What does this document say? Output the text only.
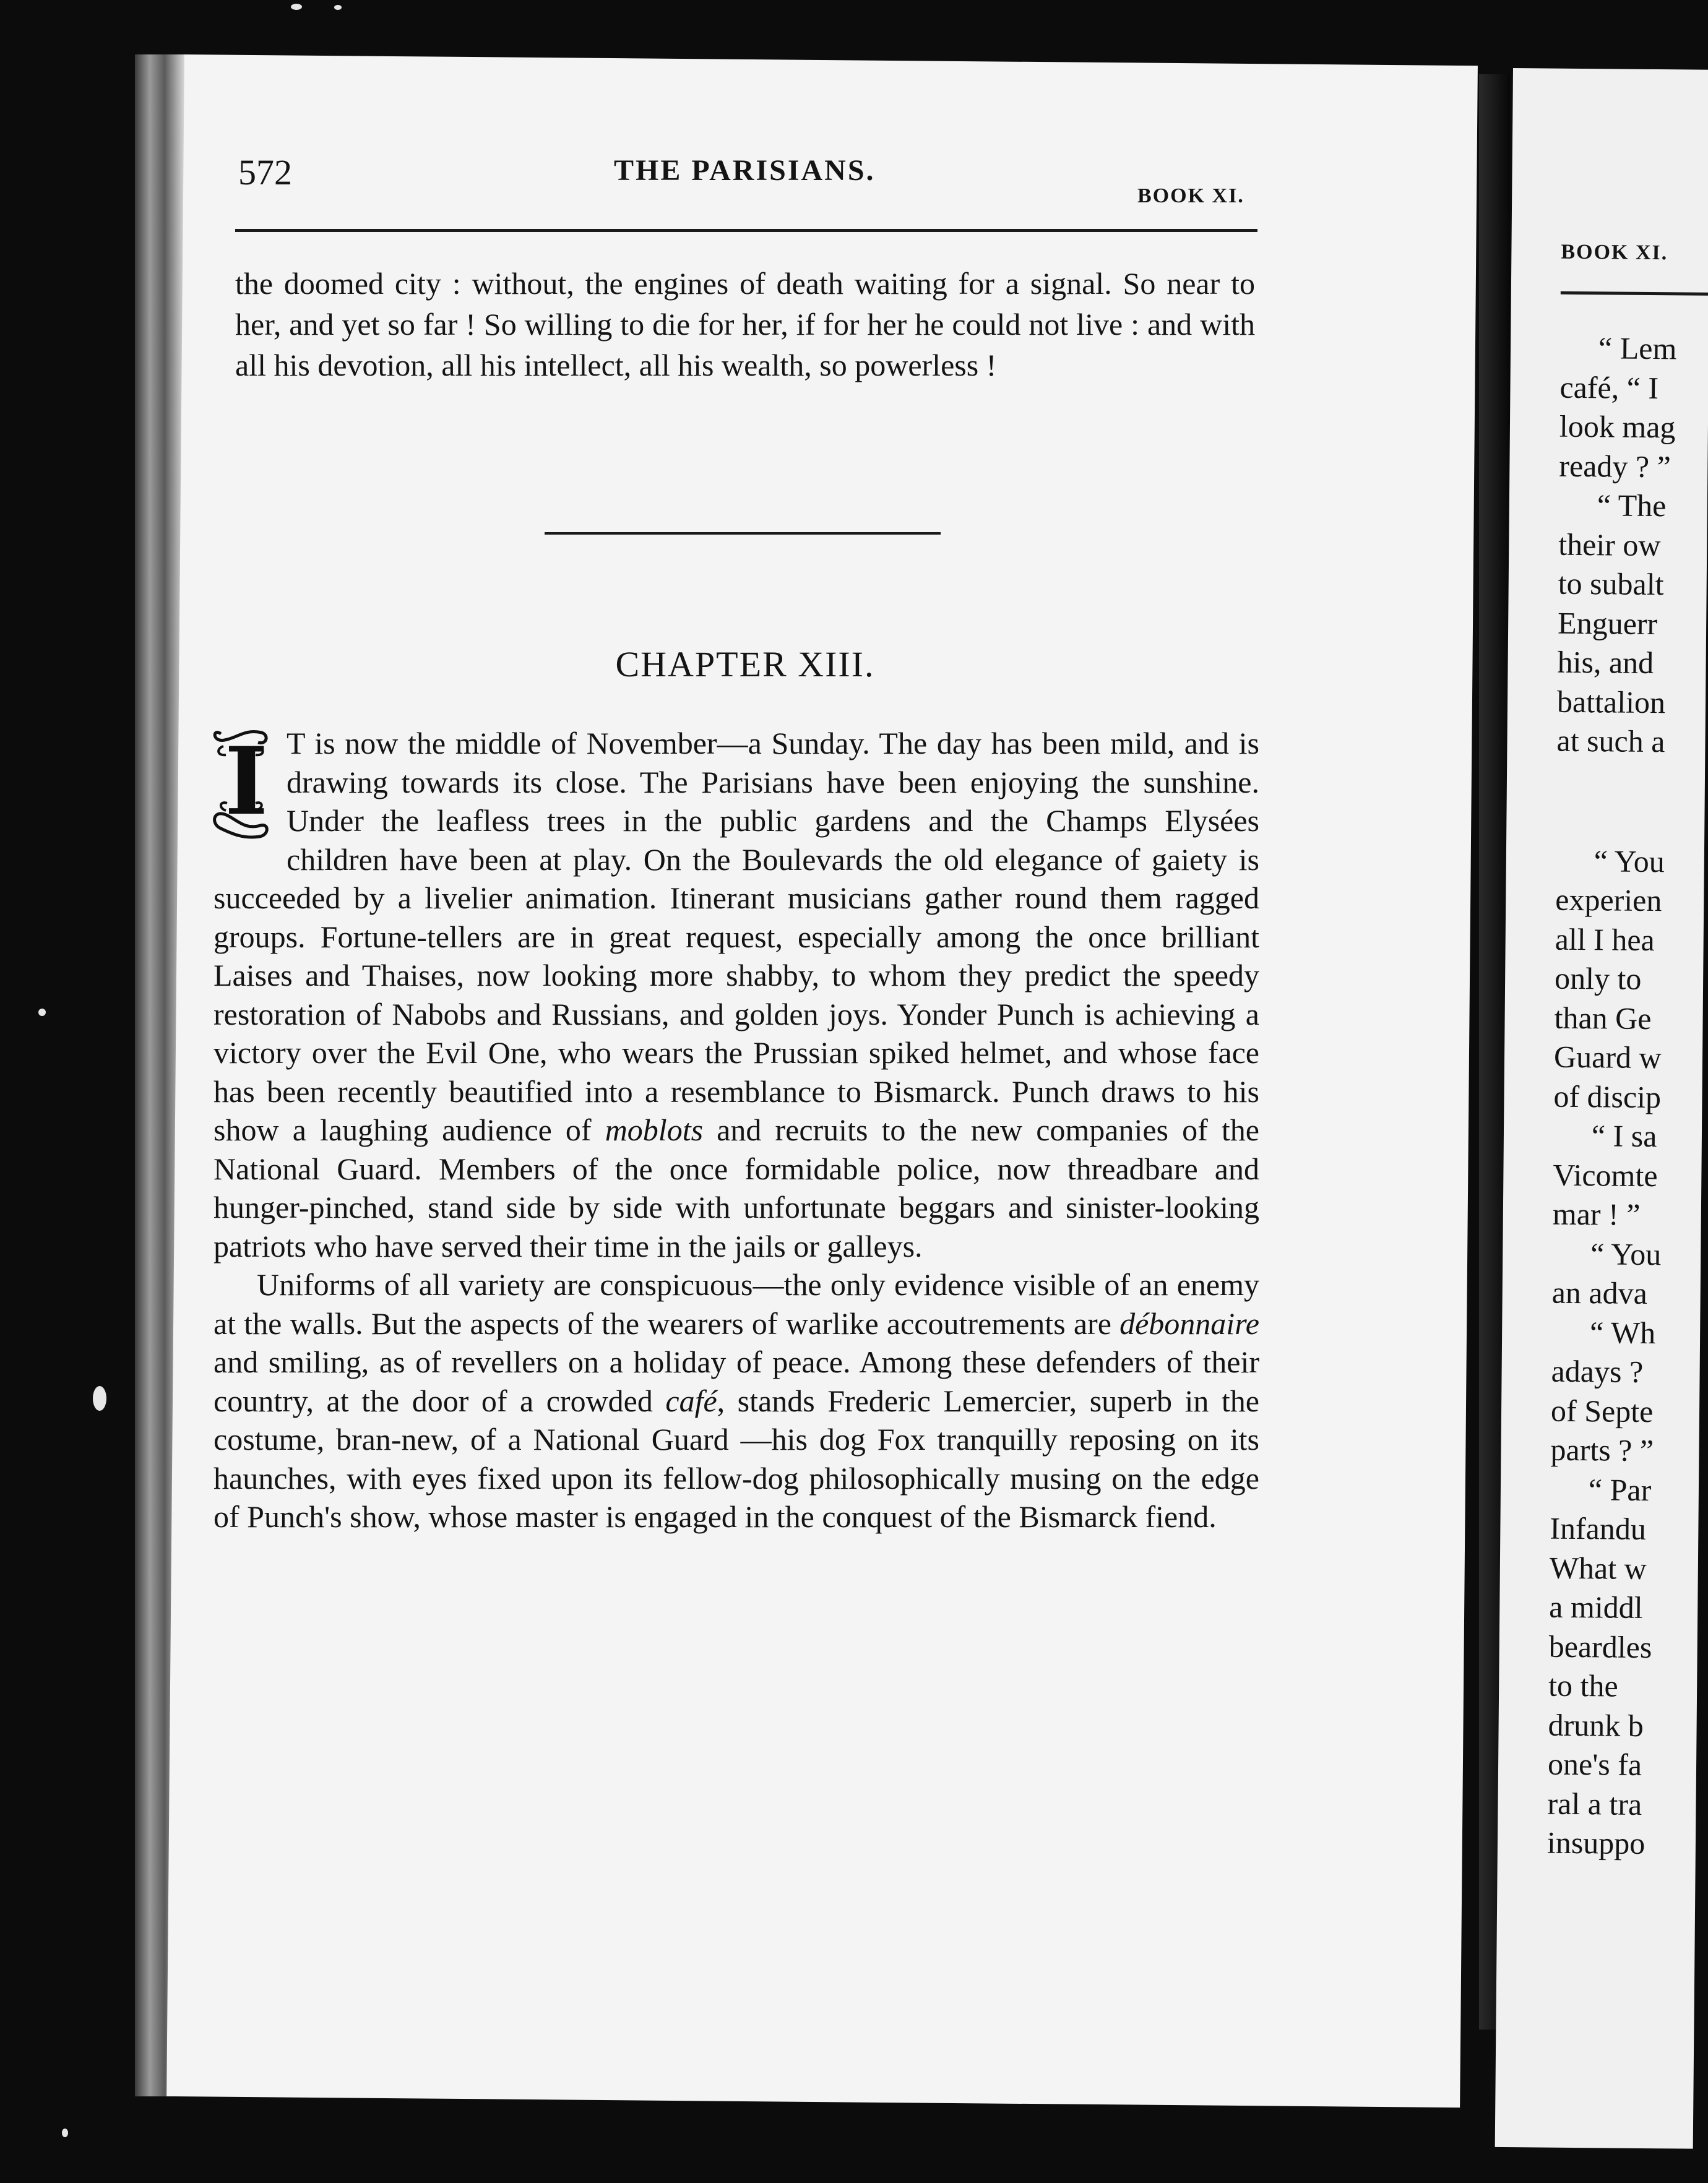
BOOK XI.
“ Lem
café, “ I
look mag
ready ? ”
“ The
their ow
to subalt
Enguerr
his, and
battalion
at such a
“ You
experien
all I hea
only to
than Ge
Guard w
of discip
“ I sa
Vicomte
mar ! ”
“ You
an adva
“ Wh
adays ?
of Septe
parts ? ”
“ Par
Infandu
What w
a middl
beardles
to the
drunk b
one's fa
ral a tra
insuppo
572	THE PARISIANS.
BOOK XI.
the doomed city : without, the engines of death waiting for a signal. So near to her, and yet so far ! So willing to die for her, if for her he could not live : and with all his devotion, all his intellect, all his wealth, so powerless !
CHAPTER XIII.

I T is now the middle of November—a Sunday. The day has been mild, and is drawing towards its close. The Parisians have been enjoying the sunshine. Under the leafless trees in the public gardens and the Champs Elysées children have been at play. On the Boulevards the old elegance of gaiety is succeeded by a livelier animation. Itinerant musicians gather round them ragged groups. Fortune-tellers are in great request, especially among the once brilliant Laises and Thaises, now looking more shabby, to whom they predict the speedy restoration of Nabobs and Russians, and golden joys. Yonder Punch is achieving a victory over the Evil One, who wears the Prussian spiked helmet, and whose face has been recently beautified into a resemblance to Bismarck. Punch draws to his show a laughing audience of moblots and recruits to the new companies of the National Guard. Members of the once formidable police, now threadbare and hunger-pinched, stand side by side with unfortunate beggars and sinister-looking patriots who have served their time in the jails or galleys.

Uniforms of all variety are conspicuous—the only evidence visible of an enemy at the walls. But the aspects of the wearers of warlike accoutrements are débonnaire and smiling, as of revellers on a holiday of peace. Among these defenders of their country, at the door of a crowded café, stands Frederic Lemercier, superb in the costume, bran-new, of a National Guard —his dog Fox tranquilly reposing on its haunches, with eyes fixed upon its fellow-dog philosophically musing on the edge of Punch's show, whose master is engaged in the conquest of the Bismarck fiend.
